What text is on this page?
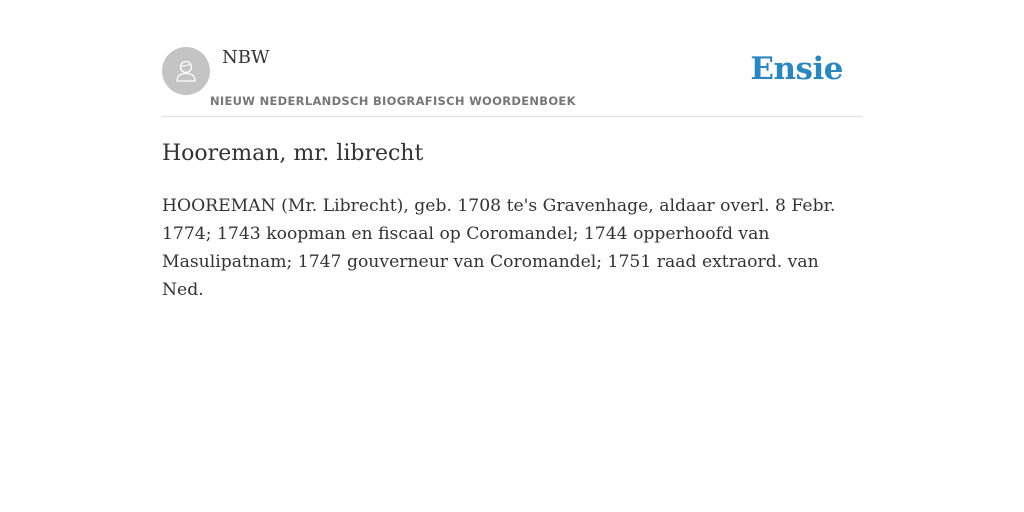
NBW
NIEUW NEDERLANDSCH BIOGRAFISCH WOORDENBOEK
Ensie
Hooreman, mr. librecht

HOOREMAN (Mr. Librecht), geb. 1708 te's Gravenhage, aldaar overl. 8 Febr. 1774; 1743 koopman en fiscaal op Coromandel; 1744 opperhoofd van Masulipatnam; 1747 gouverneur van Coromandel; 1751 raad extraord. van Ned.
